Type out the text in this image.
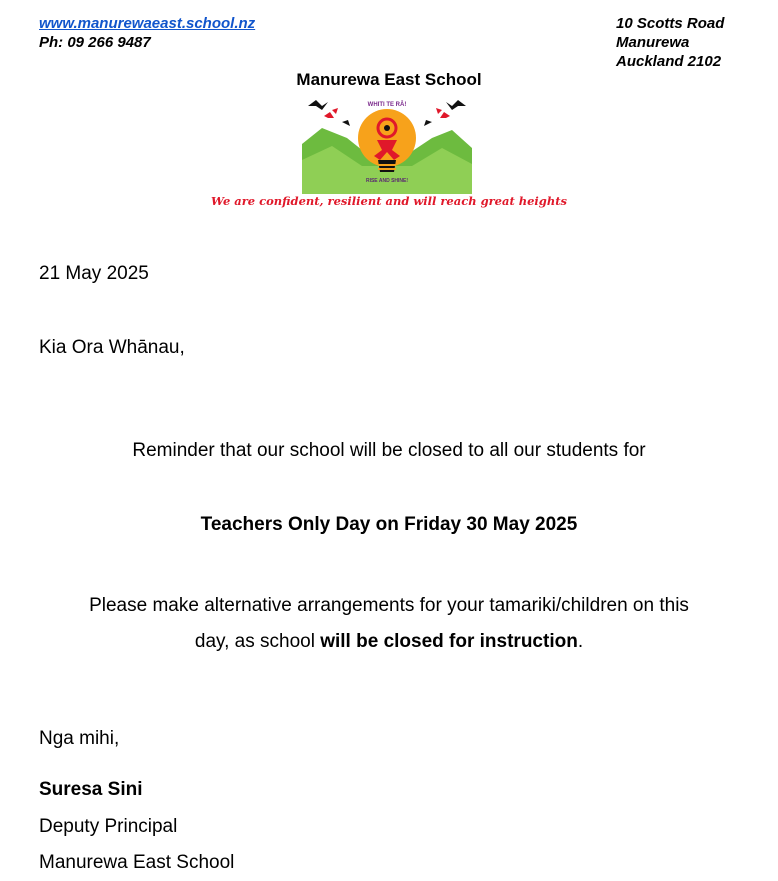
www.manurewaeast.school.nz
Ph: 09 266 9487
10 Scotts Road
Manurewa
Auckland 2102
Manurewa East School
WHITI TE RĀ!
RISE AND SHINE!
We are confident, resilient and will reach great heights
21 May 2025
Kia Ora Whānau,
Reminder that our school will be closed to all our students for
Teachers Only Day on Friday 30 May 2025
Please make alternative arrangements for your tamariki/children on this
day, as school will be closed for instruction.
Nga mihi,
Suresa Sini
Deputy Principal
Manurewa East School
